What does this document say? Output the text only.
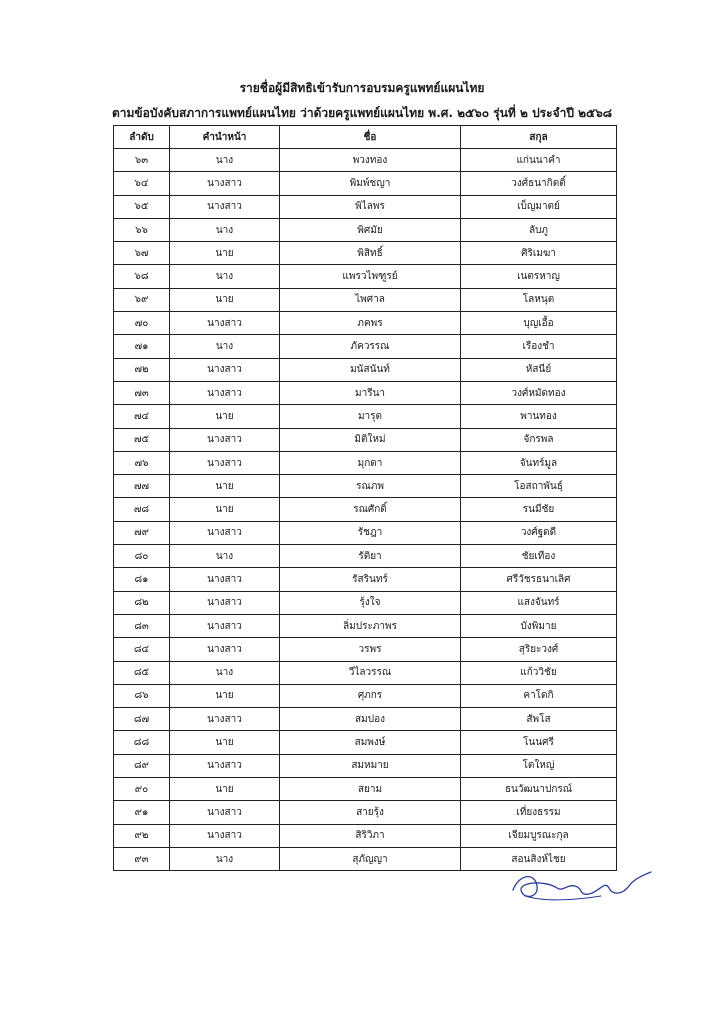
รายชื่อผู้มีสิทธิเข้ารับการอบรมครูแพทย์แผนไทย
ตามข้อบังคับสภาการแพทย์แผนไทย ว่าด้วยครูแพทย์แผนไทย พ.ศ. ๒๕๖๐ รุ่นที่ ๒ ประจำปี ๒๕๖๘
ลำดับ	คำนำหน้า	ชื่อ	สกุล
๖๓	นาง	พวงทอง	แก่นนาคำ
๖๔	นางสาว	พิมพ์ชญา	วงศ์ธนากิตติ์
๖๕	นางสาว	พิไลพร	เบ็ญมาตย์
๖๖	นาง	พิศมัย	ลับภู
๖๗	นาย	พิสิทธิ์	ศิริเมฆา
๖๘	นาง	แพรวไพฑูรย์	เนตรหาญ
๖๙	นาย	ไพศาล	โลหนุต
๗๐	นางสาว	ภคพร	บุญเอื้อ
๗๑	นาง	ภัควรรณ	เรืองชำ
๗๒	นางสาว	มนัสนันท์	หัสนีย์
๗๓	นางสาว	มารีนา	วงศ์หมัดทอง
๗๔	นาย	มารุต	พานทอง
๗๕	นางสาว	มิติใหม่	จักรพล
๗๖	นางสาว	มุกดา	จันทร์มูล
๗๗	นาย	รณภพ	โอสถาพันธุ์
๗๘	นาย	รณศักดิ์	รนมีชัย
๗๙	นางสาว	รัชฎา	วงศ์ฐดดี
๘๐	นาง	รัติยา	ชัยเทือง
๘๑	นางสาว	รัสรินทร์	ศรีวัชรธนาเลิศ
๘๒	นางสาว	รุ้งใจ	แสงจันทร์
๘๓	นางสาว	ลิ่มประภาพร	บังพิมาย
๘๔	นางสาว	วรพร	สุริยะวงศ์
๘๕	นาง	วีไลวรรณ	แก้ววิชัย
๘๖	นาย	ศุภกร	คาโดกิ
๘๗	นางสาว	สมปอง	สัพโส
๘๘	นาย	สมพงษ์	โนนศรี
๘๙	นางสาว	สมหมาย	โตใหญ่
๙๐	นาย	สยาม	ธนวัฒนาปกรณ์
๙๑	นางสาว	สายรุ้ง	เที่ยงธรรม
๙๒	นางสาว	สิริวิภา	เจียมบูรณะกุล
๙๓	นาง	สุภัญญา	สอนสิงห์ไชย
